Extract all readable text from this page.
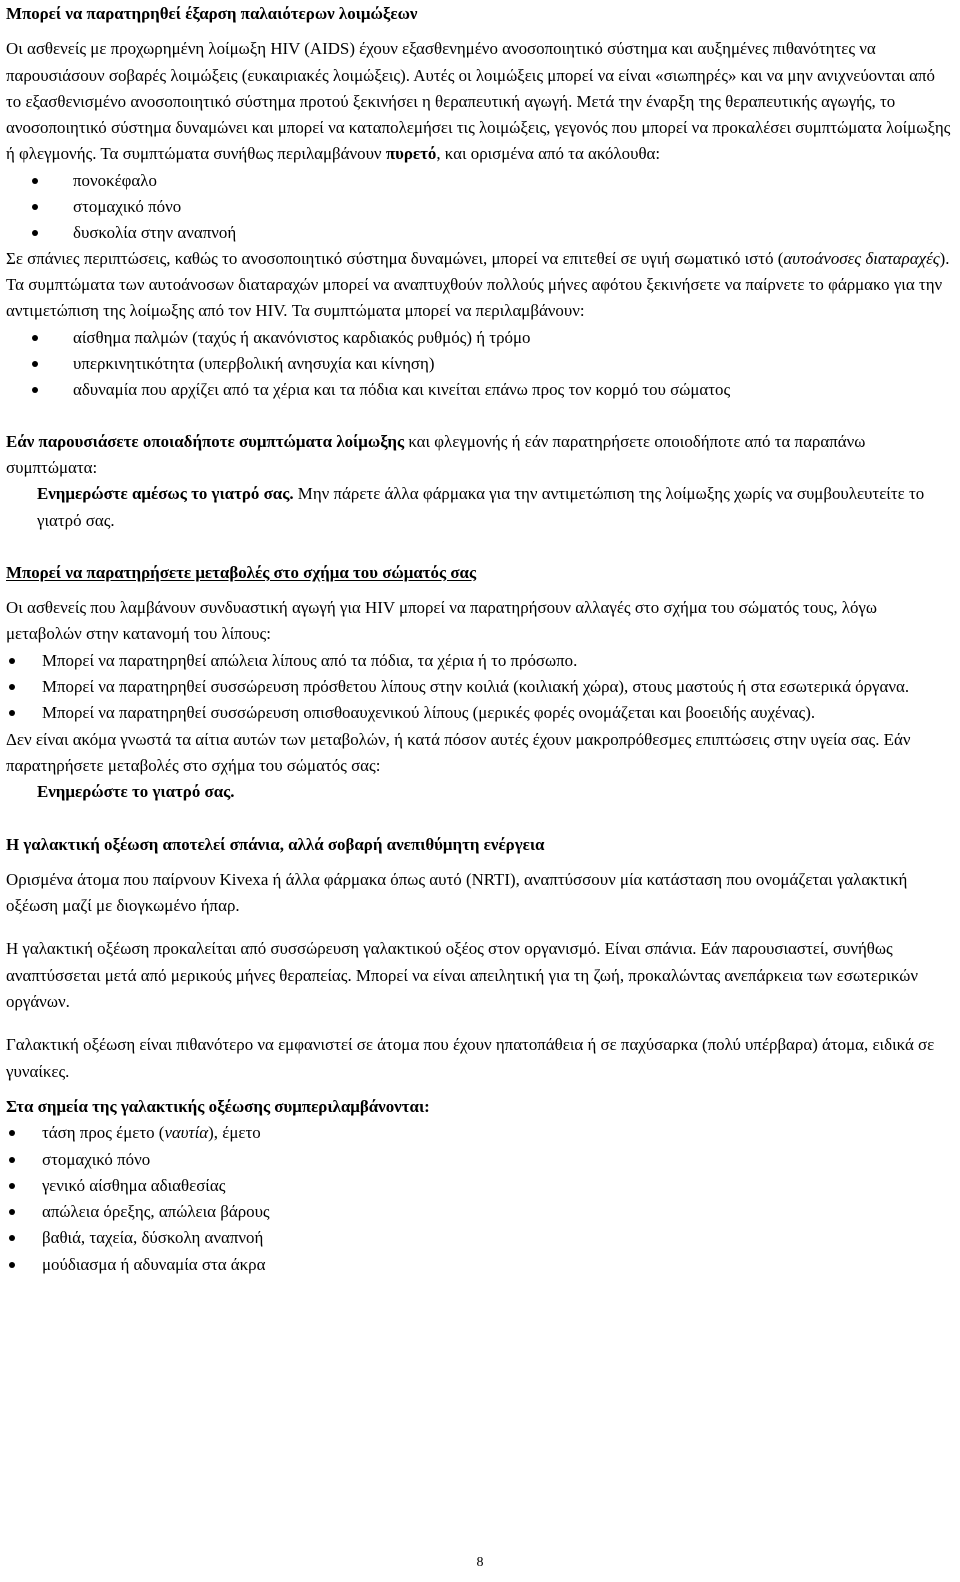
Μπορεί να παρατηρηθεί έξαρση παλαιότερων λοιμώξεων

Οι ασθενείς με προχωρημένη λοίμωξη HIV (AIDS) έχουν εξασθενημένο ανοσοποιητικό σύστημα και αυξημένες πιθανότητες να παρουσιάσουν σοβαρές λοιμώξεις (ευκαιριακές λοιμώξεις). Αυτές οι λοιμώξεις μπορεί να είναι «σιωπηρές» και να μην ανιχνεύονται από το εξασθενισμένο ανοσοποιητικό σύστημα προτού ξεκινήσει η θεραπευτική αγωγή. Μετά την έναρξη της θεραπευτικής αγωγής, το ανοσοποιητικό σύστημα δυναμώνει και μπορεί να καταπολεμήσει τις λοιμώξεις, γεγονός που μπορεί να προκαλέσει συμπτώματα λοίμωξης ή φλεγμονής. Τα συμπτώματα συνήθως περιλαμβάνουν πυρετό, και ορισμένα από τα ακόλουθα:

πονοκέφαλο
στομαχικό πόνο
δυσκολία στην αναπνοή

Σε σπάνιες περιπτώσεις, καθώς το ανοσοποιητικό σύστημα δυναμώνει, μπορεί να επιτεθεί σε υγιή σωματικό ιστό (αυτοάνοσες διαταραχές). Τα συμπτώματα των αυτοάνοσων διαταραχών μπορεί να αναπτυχθούν πολλούς μήνες αφότου ξεκινήσετε να παίρνετε το φάρμακο για την αντιμετώπιση της λοίμωξης από τον HIV. Τα συμπτώματα μπορεί να περιλαμβάνουν:

αίσθημα παλμών (ταχύς ή ακανόνιστος καρδιακός ρυθμός) ή τρόμο
υπερκινητικότητα (υπερβολική ανησυχία και κίνηση)
αδυναμία που αρχίζει από τα χέρια και τα πόδια και κινείται επάνω προς τον κορμό του σώματος

Εάν παρουσιάσετε οποιαδήποτε συμπτώματα λοίμωξης και φλεγμονής ή εάν παρατηρήσετε οποιοδήποτε από τα παραπάνω συμπτώματα:

Ενημερώστε αμέσως το γιατρό σας. Μην πάρετε άλλα φάρμακα για την αντιμετώπιση της λοίμωξης χωρίς να συμβουλευτείτε το γιατρό σας.

Μπορεί να παρατηρήσετε μεταβολές στο σχήμα του σώματός σας

Οι ασθενείς που λαμβάνουν συνδυαστική αγωγή για HIV μπορεί να παρατηρήσουν αλλαγές στο σχήμα του σώματός τους, λόγω μεταβολών στην κατανομή του λίπους:

Μπορεί να παρατηρηθεί απώλεια λίπους από τα πόδια, τα χέρια ή το πρόσωπο.
Μπορεί να παρατηρηθεί συσσώρευση πρόσθετου λίπους στην κοιλιά (κοιλιακή χώρα), στους μαστούς ή στα εσωτερικά όργανα.
Μπορεί να παρατηρηθεί συσσώρευση οπισθοαυχενικού λίπους (μερικές φορές ονομάζεται και βοοειδής αυχένας).

Δεν είναι ακόμα γνωστά τα αίτια αυτών των μεταβολών, ή κατά πόσον αυτές έχουν μακροπρόθεσμες επιπτώσεις στην υγεία σας. Εάν παρατηρήσετε μεταβολές στο σχήμα του σώματός σας:

Ενημερώστε το γιατρό σας.

Η γαλακτική οξέωση αποτελεί σπάνια, αλλά σοβαρή ανεπιθύμητη ενέργεια

Ορισμένα άτομα που παίρνουν Kivexa ή άλλα φάρμακα όπως αυτό (NRTI), αναπτύσσουν μία κατάσταση που ονομάζεται γαλακτική οξέωση μαζί με διογκωμένο ήπαρ.

Η γαλακτική οξέωση προκαλείται από συσσώρευση γαλακτικού οξέος στον οργανισμό. Είναι σπάνια. Εάν παρουσιαστεί, συνήθως αναπτύσσεται μετά από μερικούς μήνες θεραπείας. Μπορεί να είναι απειλητική για τη ζωή, προκαλώντας ανεπάρκεια των εσωτερικών οργάνων.

Γαλακτική οξέωση είναι πιθανότερο να εμφανιστεί σε άτομα που έχουν ηπατοπάθεια ή σε παχύσαρκα (πολύ υπέρβαρα) άτομα, ειδικά σε γυναίκες.

Στα σημεία της γαλακτικής οξέωσης συμπεριλαμβάνονται:

τάση προς έμετο (ναυτία), έμετο
στομαχικό πόνο
γενικό αίσθημα αδιαθεσίας
απώλεια όρεξης, απώλεια βάρους
βαθιά, ταχεία, δύσκολη αναπνοή
μούδιασμα ή αδυναμία στα άκρα
8
